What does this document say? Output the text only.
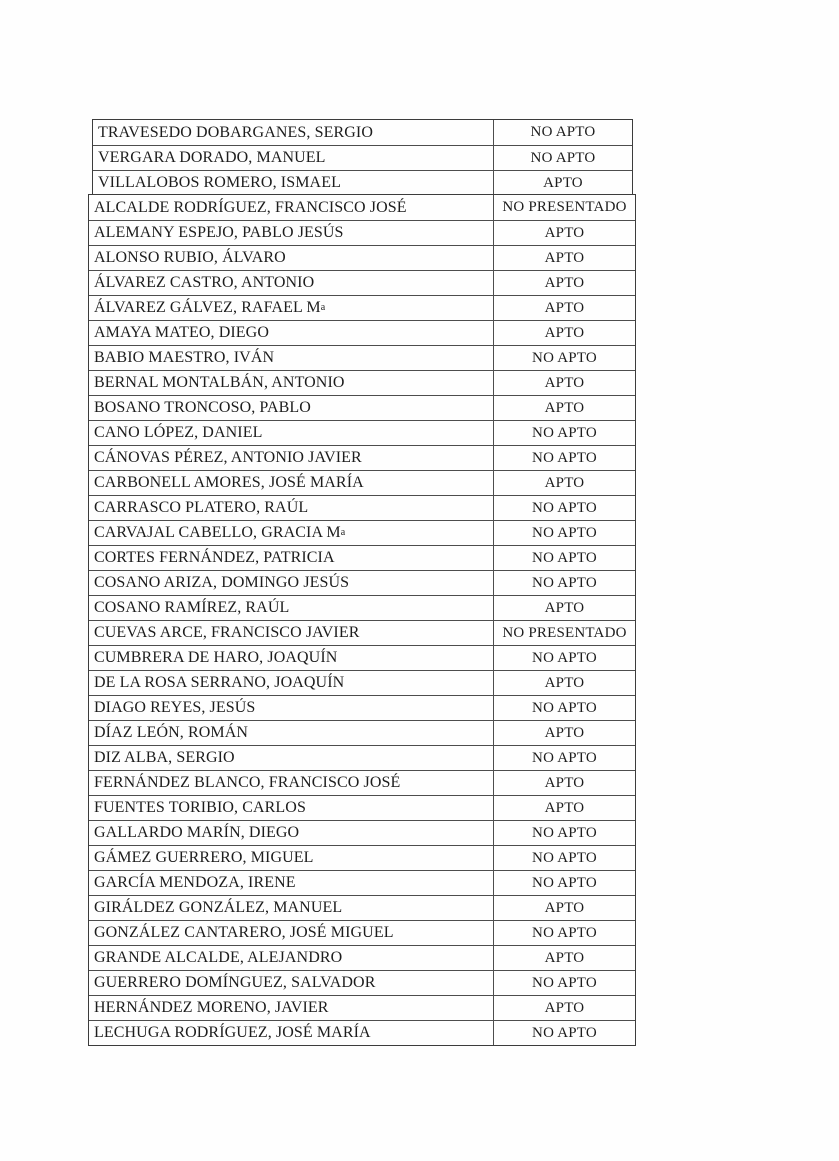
TRAVESEDO DOBARGANES, SERGIO	NO APTO
VERGARA DORADO, MANUEL	NO APTO
VILLALOBOS ROMERO, ISMAEL	APTO
ALCALDE RODRÍGUEZ, FRANCISCO JOSÉ	NO PRESENTADO
ALEMANY ESPEJO, PABLO JESÚS	APTO
ALONSO RUBIO, ÁLVARO	APTO
ÁLVAREZ CASTRO, ANTONIO	APTO
ÁLVAREZ GÁLVEZ, RAFAEL M a	APTO
AMAYA MATEO, DIEGO	APTO
BABIO MAESTRO, IVÁN	NO APTO
BERNAL MONTALBÁN, ANTONIO	APTO
BOSANO TRONCOSO, PABLO	APTO
CANO LÓPEZ, DANIEL	NO APTO
CÁNOVAS PÉREZ, ANTONIO JAVIER	NO APTO
CARBONELL AMORES, JOSÉ MARÍA	APTO
CARRASCO PLATERO, RAÚL	NO APTO
CARVAJAL CABELLO, GRACIA M a	NO APTO
CORTES FERNÁNDEZ, PATRICIA	NO APTO
COSANO ARIZA, DOMINGO JESÚS	NO APTO
COSANO RAMÍREZ, RAÚL	APTO
CUEVAS ARCE, FRANCISCO JAVIER	NO PRESENTADO
CUMBRERA DE HARO, JOAQUÍN	NO APTO
DE LA ROSA SERRANO, JOAQUÍN	APTO
DIAGO REYES, JESÚS	NO APTO
DÍAZ LEÓN, ROMÁN	APTO
DIZ ALBA, SERGIO	NO APTO
FERNÁNDEZ BLANCO, FRANCISCO JOSÉ	APTO
FUENTES TORIBIO, CARLOS	APTO
GALLARDO MARÍN, DIEGO	NO APTO
GÁMEZ GUERRERO, MIGUEL	NO APTO
GARCÍA MENDOZA, IRENE	NO APTO
GIRÁLDEZ GONZÁLEZ, MANUEL	APTO
GONZÁLEZ CANTARERO, JOSÉ MIGUEL	NO APTO
GRANDE ALCALDE, ALEJANDRO	APTO
GUERRERO DOMÍNGUEZ, SALVADOR	NO APTO
HERNÁNDEZ MORENO, JAVIER	APTO
LECHUGA RODRÍGUEZ, JOSÉ MARÍA	NO APTO
